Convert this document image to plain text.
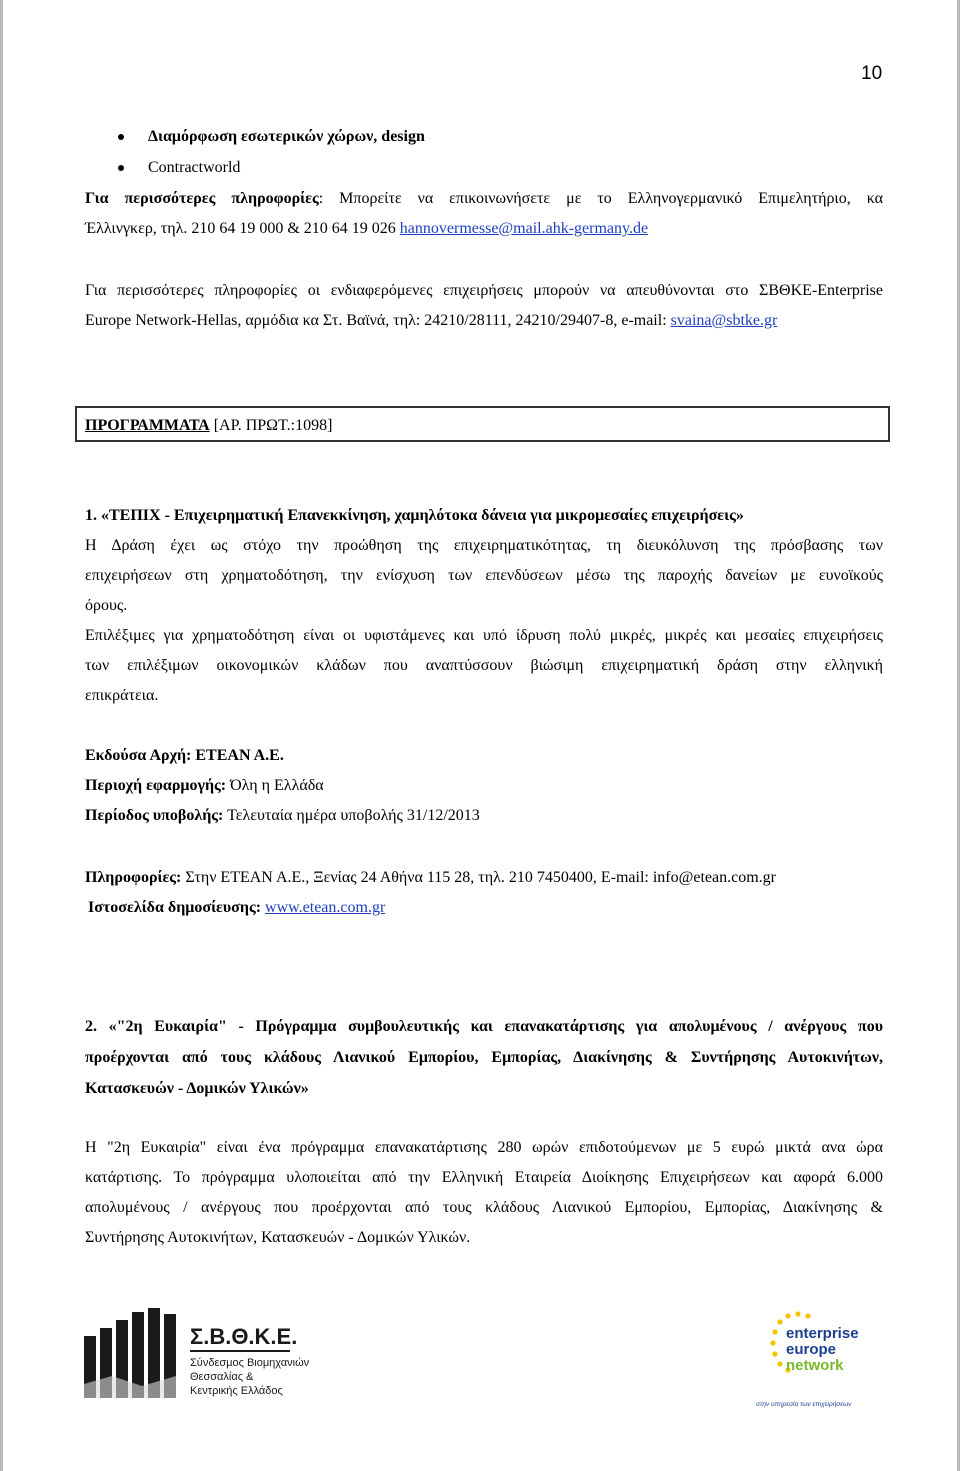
10
Διαμόρφωση εσωτερικών χώρων, design
Contractworld
Για περισσότερες πληροφορίες: Μπορείτε να επικοινωνήσετε με το Ελληνογερμανικό Επιμελητήριο, κα
Έλλινγκερ, τηλ. 210 64 19 000 & 210 64 19 026 hannovermesse@mail.ahk-germany.de
Για περισσότερες πληροφορίες οι ενδιαφερόμενες επιχειρήσεις μπορούν να απευθύνονται στο ΣΒΘΚΕ-Enterprise
Europe Network-Hellas, αρμόδια κα Στ. Βαϊνά, τηλ: 24210/28111, 24210/29407-8, e-mail: svaina@sbtke.gr
ΠΡΟΓΡΑΜΜΑΤΑ [ΑΡ. ΠΡΩΤ.:1098]
1. «ΤΕΠΙΧ - Επιχειρηματική Επανεκκίνηση, χαμηλότοκα δάνεια για μικρομεσαίες επιχειρήσεις»
Η Δράση έχει ως στόχο την προώθηση της επιχειρηματικότητας, τη διευκόλυνση της πρόσβασης των
επιχειρήσεων στη χρηματοδότηση, την ενίσχυση των επενδύσεων μέσω της παροχής δανείων με ευνοϊκούς
όρους.
Επιλέξιμες για χρηματοδότηση είναι οι υφιστάμενες και υπό ίδρυση πολύ μικρές, μικρές και μεσαίες επιχειρήσεις
των επιλέξιμων οικονομικών κλάδων που αναπτύσσουν βιώσιμη επιχειρηματική δράση στην ελληνική
επικράτεια.
Εκδούσα Αρχή: ΕΤΕΑΝ Α.Ε.
Περιοχή εφαρμογής: Όλη η Ελλάδα
Περίοδος υποβολής: Τελευταία ημέρα υποβολής 31/12/2013
Πληροφορίες: Στην ΕΤΕΑΝ Α.Ε., Ξενίας 24 Αθήνα 115 28, τηλ. 210 7450400, E-mail: info@etean.com.gr
Ιστοσελίδα δημοσίευσης: www.etean.com.gr
2. «"2η Ευκαιρία" - Πρόγραμμα συμβουλευτικής και επανακατάρτισης για απολυμένους / ανέργους που
προέρχονται από τους κλάδους Λιανικού Εμπορίου, Εμπορίας, Διακίνησης & Συντήρησης Αυτοκινήτων,
Κατασκευών - Δομικών Υλικών»
Η "2η Ευκαιρία" είναι ένα πρόγραμμα επανακατάρτισης 280 ωρών επιδοτούμενων με 5 ευρώ μικτά ανα ώρα
κατάρτισης. Το πρόγραμμα υλοποιείται από την Ελληνική Εταιρεία Διοίκησης Επιχειρήσεων και αφορά 6.000
απολυμένους / ανέργους που προέρχονται από τους κλάδους Λιανικού Εμπορίου, Εμπορίας, Διακίνησης &
Συντήρησης Αυτοκινήτων, Κατασκευών - Δομικών Υλικών.
Σ.Β.Θ.Κ.Ε.
Σύνδεσμος Βιομηχανιών
Θεσσαλίας &
Κεντρικής Ελλάδος
enterprise
europe
network
στην υπηρεσία των επιχειρήσεων
